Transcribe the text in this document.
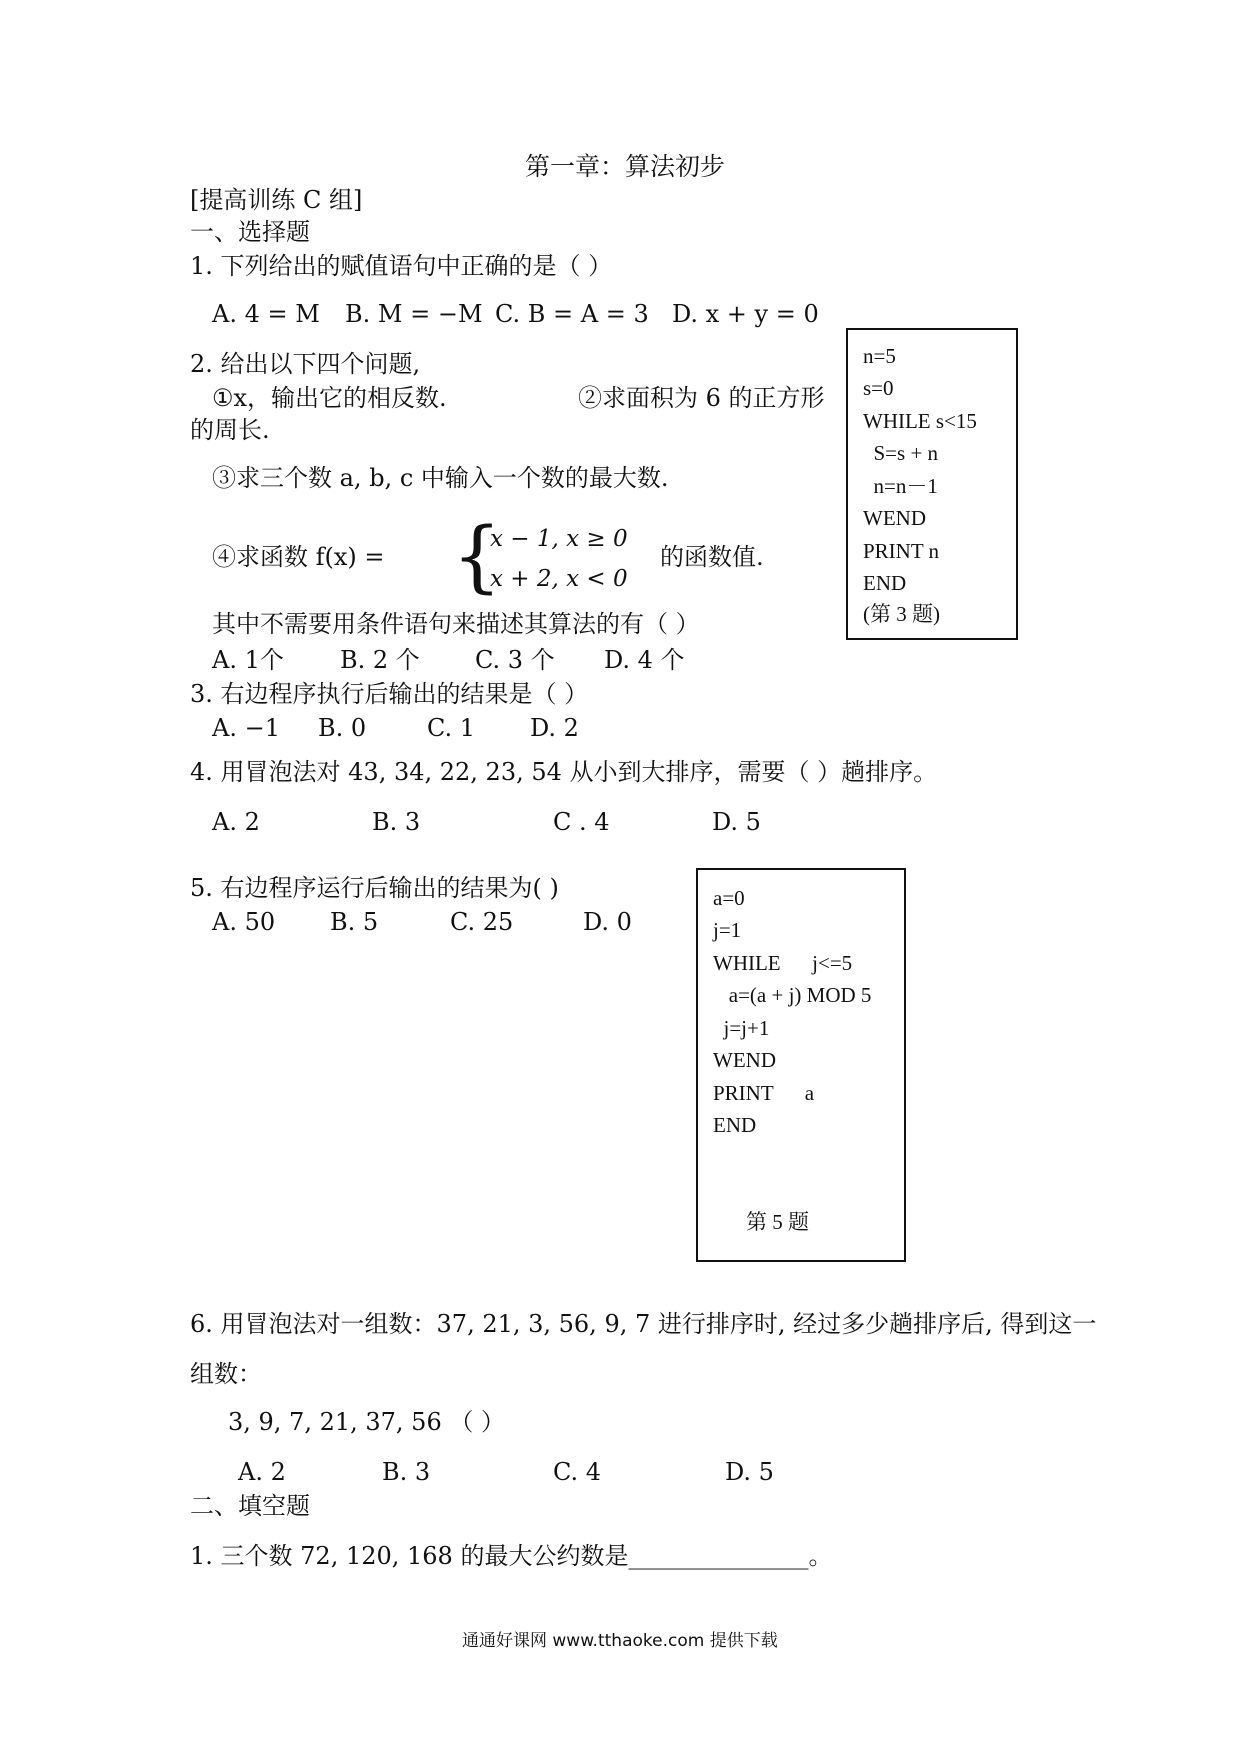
第一章：算法初步
[提高训练 C 组]
一、选择题
1. 下列给出的赋值语句中正确的是（ ）
A. 4 = M B. M = −M C. B = A = 3 D. x + y = 0
2. 给出以下四个问题,
①x，输出它的相反数.	②求面积为 6 的正方形
的周长.
③求三个数 a, b, c 中输入一个数的最大数.
④求函数 f(x) = {
x − 1, x ≥ 0
x + 2, x < 0
的函数值.
其中不需要用条件语句来描述其算法的有（ ）
A. 1个 B. 2 个 C. 3 个 D. 4 个
n=5
s=0
WHILE s<15
S=s + n
n=n－1
WEND
PRINT n
END
(第 3 题)
3. 右边程序执行后输出的结果是（ ）
A. −1 B. 0	C. 1 D. 2
4. 用冒泡法对 43, 34, 22, 23, 54 从小到大排序，需要（ ）趟排序。
A. 2	B. 3	C . 4	D. 5
5. 右边程序运行后输出的结果为( )
A. 50 B. 5	C. 25	D. 0
a=0
j=1
WHILE      j<=5
a=(a + j) MOD 5
j=j+1
WEND
PRINT      a
END
第 5 题
6. 用冒泡法对一组数：37, 21, 3, 56, 9, 7 进行排序时, 经过多少趟排序后, 得到这一
组数：
3, 9, 7, 21, 37, 56 （ ）
A. 2	B. 3	C. 4	D. 5
二、填空题
1. 三个数 72, 120, 168 的最大公约数是_______________。
通通好课网 www.tthaoke.com 提供下载
